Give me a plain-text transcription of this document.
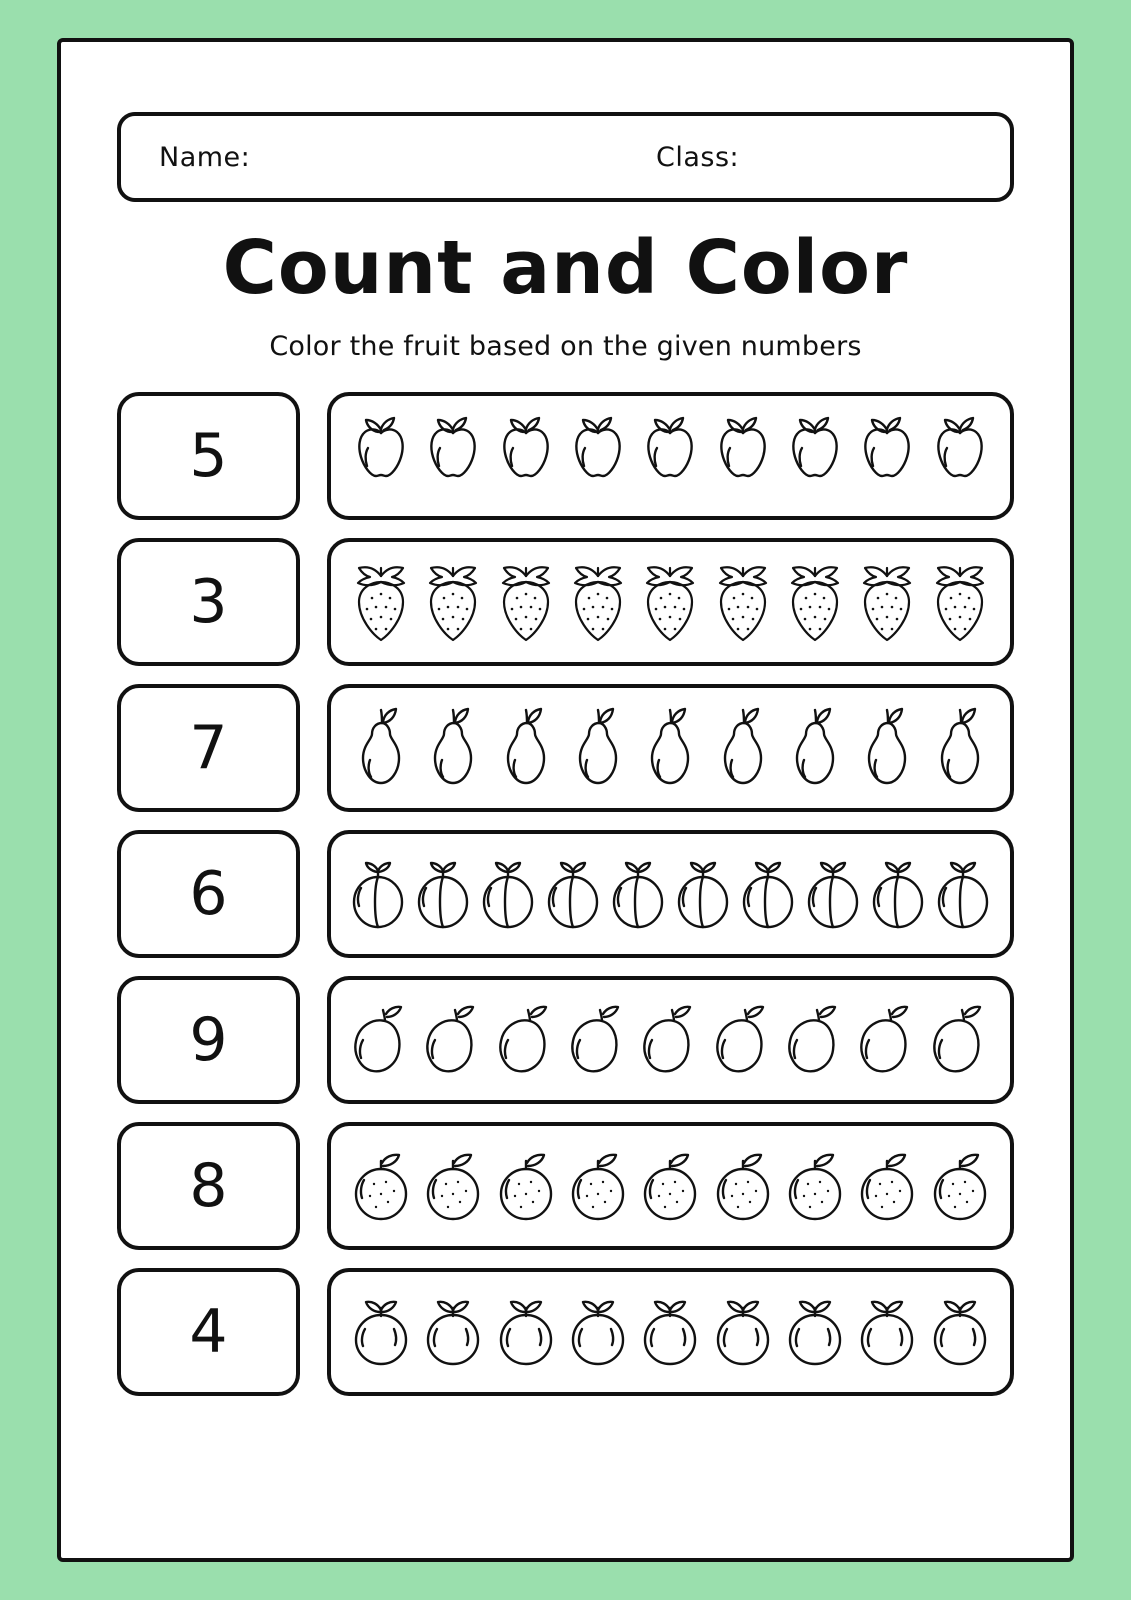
Name:	Class:
Count and Color
Color the fruit based on the given numbers
5
3
7
6
9
8
4
